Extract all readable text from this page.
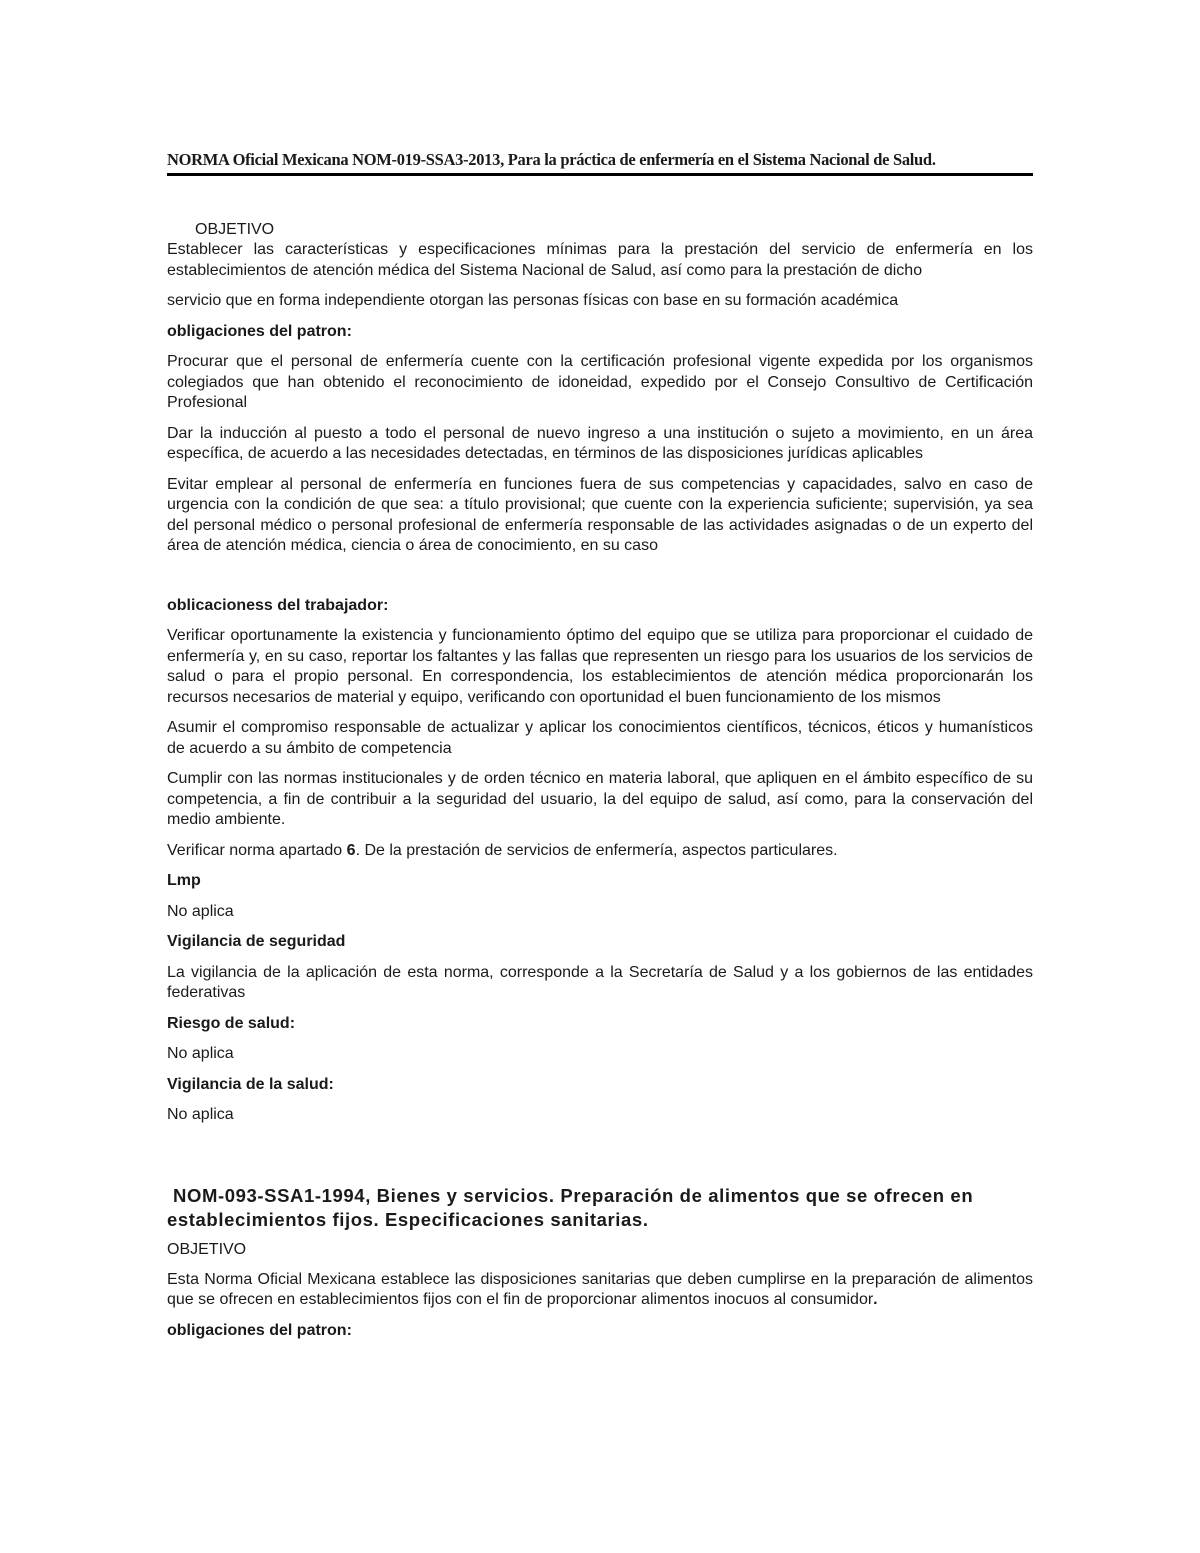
NORMA Oficial Mexicana NOM-019-SSA3-2013, Para la práctica de enfermería en el Sistema Nacional de Salud.
OBJETIVO

Establecer las características y especificaciones mínimas para la prestación del servicio de enfermería en los establecimientos de atención médica del Sistema Nacional de Salud, así como para la prestación de dicho

servicio que en forma independiente otorgan las personas físicas con base en su formación académica

obligaciones del patron:

Procurar que el personal de enfermería cuente con la certificación profesional vigente expedida por los organismos colegiados que han obtenido el reconocimiento de idoneidad, expedido por el Consejo Consultivo de Certificación Profesional

Dar la inducción al puesto a todo el personal de nuevo ingreso a una institución o sujeto a movimiento, en un área específica, de acuerdo a las necesidades detectadas, en términos de las disposiciones jurídicas aplicables

Evitar emplear al personal de enfermería en funciones fuera de sus competencias y capacidades, salvo en caso de urgencia con la condición de que sea: a título provisional; que cuente con la experiencia suficiente; supervisión, ya sea del personal médico o personal profesional de enfermería responsable de las actividades asignadas o de un experto del área de atención médica, ciencia o área de conocimiento, en su caso

oblicacioness del trabajador:

Verificar oportunamente la existencia y funcionamiento óptimo del equipo que se utiliza para proporcionar el cuidado de enfermería y, en su caso, reportar los faltantes y las fallas que representen un riesgo para los usuarios de los servicios de salud o para el propio personal. En correspondencia, los establecimientos de atención médica proporcionarán los recursos necesarios de material y equipo, verificando con oportunidad el buen funcionamiento de los mismos

Asumir el compromiso responsable de actualizar y aplicar los conocimientos científicos, técnicos, éticos y humanísticos de acuerdo a su ámbito de competencia

Cumplir con las normas institucionales y de orden técnico en materia laboral, que apliquen en el ámbito específico de su competencia, a fin de contribuir a la seguridad del usuario, la del equipo de salud, así como, para la conservación del medio ambiente.

Verificar norma apartado 6. De la prestación de servicios de enfermería, aspectos particulares.

Lmp

No aplica

Vigilancia de seguridad

La vigilancia de la aplicación de esta norma, corresponde a la Secretaría de Salud y a los gobiernos de las entidades federativas

Riesgo de salud:

No aplica

Vigilancia de la salud:

No aplica

NOM-093-SSA1-1994, Bienes y servicios. Preparación de alimentos que se ofrecen en establecimientos fijos. Especificaciones sanitarias.
OBJETIVO

Esta Norma Oficial Mexicana establece las disposiciones sanitarias que deben cumplirse en la preparación de alimentos que se ofrecen en establecimientos fijos con el fin de proporcionar alimentos inocuos al consumidor.

obligaciones del patron:
